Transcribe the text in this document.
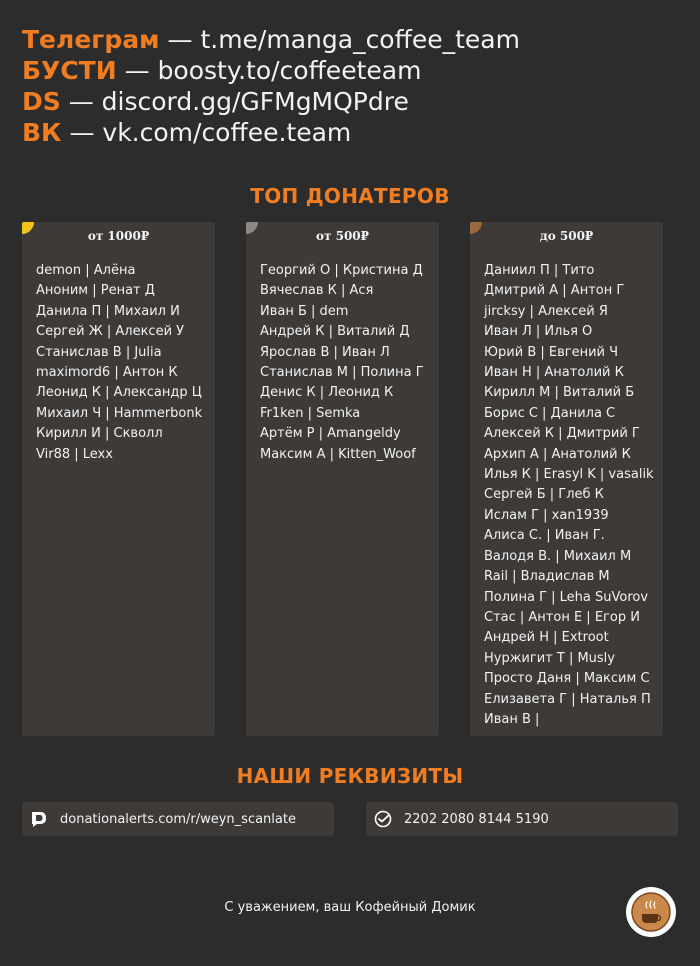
Телеграм — t.me/manga_coffee_team
БУСТИ — boosty.to/coffeeteam
DS — discord.gg/GFMgMQPdre
ВК — vk.com/coffee.team
ТОП ДОНАТЕРОВ
от 1000₽
demon | Алёна
Аноним | Ренат Д
Данила П | Михаил И
Сергей Ж | Алексей У
Станислав В | Julia
maximord6 | Антон К
Леонид К | Александр Ц
Михаил Ч | Hammerbonk
Кирилл И | Скволл
Vir88 | Lexx
от 500₽
Георгий О | Кристина Д
Вячеслав К | Ася
Иван Б | dem
Андрей К | Виталий Д
Ярослав В | Иван Л
Станислав М | Полина Г
Денис К | Леонид К
Fr1ken | Semka
Артём Р | Amangeldy
Максим А | Kitten_Woof
до 500₽
Даниил П | Тито
Дмитрий А | Антон Г
jircksy | Алексей Я
Иван Л | Илья О
Юрий В | Евгений Ч
Иван Н | Анатолий К
Кирилл М | Виталий Б
Борис С | Данила С
Алексей К | Дмитрий Г
Архип А | Анатолий К
Илья К | Erasyl K | vasalik
Сергей Б | Глеб К
Ислам Г | xan1939
Алиса С. | Иван Г.
Валодя В. | Михаил М
Rail | Владислав М
Полина Г | Leha SuVorov
Стас | Антон Е | Егор И
Андрей Н | Extroot
Нуржигит Т | Musly
Просто Даня | Максим С
Елизавета Г | Наталья П
Иван В |
НАШИ РЕКВИЗИТЫ
donationalerts.com/r/weyn_scanlate	2202 2080 8144 5190
С уважением, ваш Кофейный Домик
